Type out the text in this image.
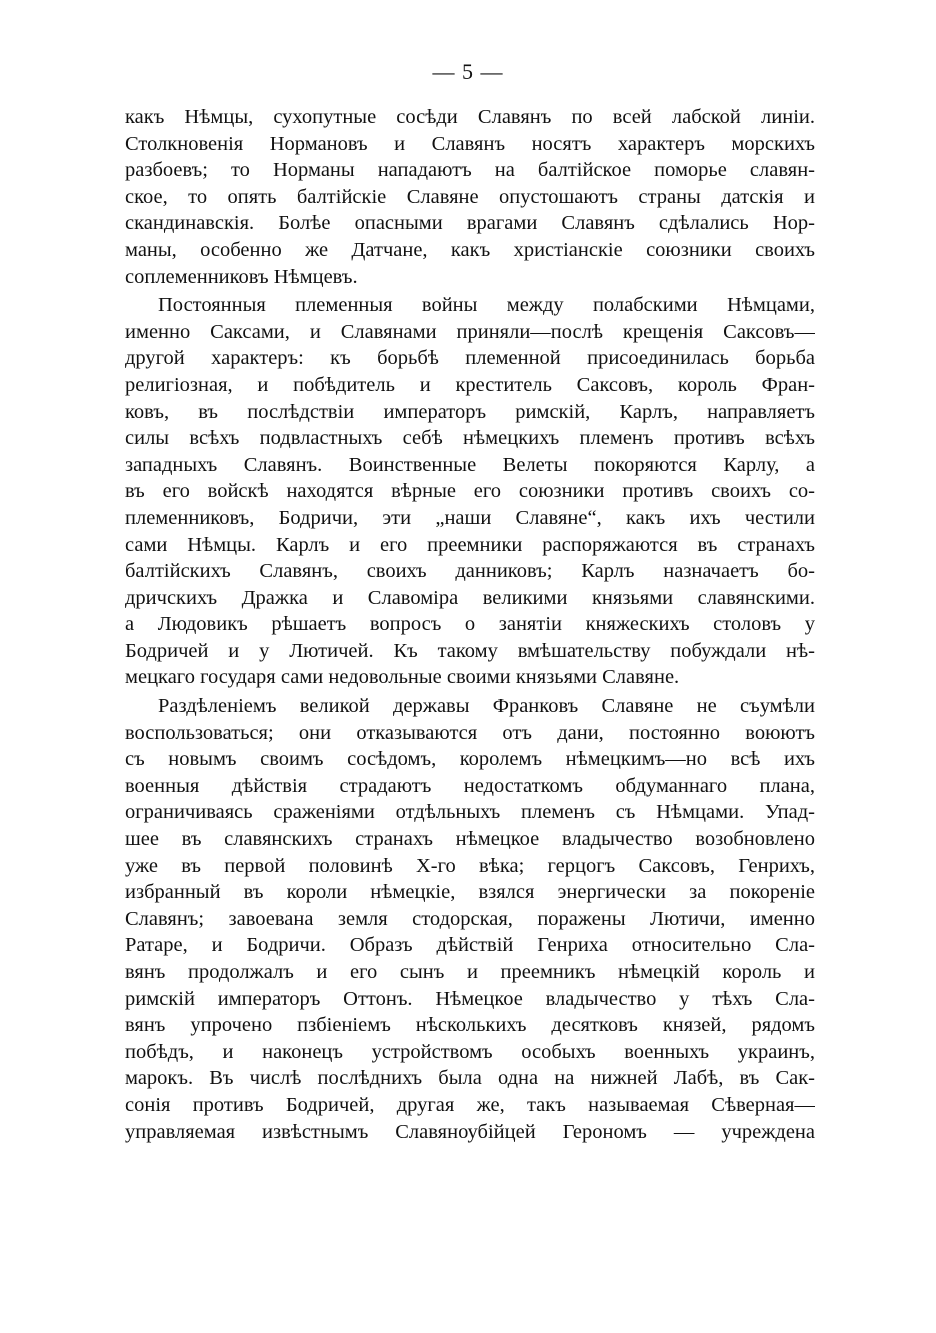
— 5 —

какъ Нѣмцы, сухопутные сосѣди Славянъ по всей лабской линіи.
Столкновенія Нормановъ и Славянъ носятъ характеръ морскихъ
разбоевъ; то Норманы нападаютъ на балтійское поморье славян-
ское, то опять балтійскіе Славяне опустошаютъ страны датскія и
скандинавскія. Болѣе опасными врагами Славянъ сдѣлались Нор-
маны, особенно же Датчане, какъ христіанскіе союзники своихъ
соплеменниковъ Нѣмцевъ.

Постоянныя племенныя войны между полабскими Нѣмцами,
именно Саксами, и Славянами приняли—послѣ крещенія Саксовъ—
другой характеръ: къ борьбѣ племенной присоединилась борьба
религіозная, и побѣдитель и креститель Саксовъ, король Фран-
ковъ, въ послѣдствіи императоръ римскій, Карлъ, направляетъ
силы всѣхъ подвластныхъ себѣ нѣмецкихъ племенъ противъ всѣхъ
западныхъ Славянъ. Воинственные Велеты покоряются Карлу, а
въ его войскѣ находятся вѣрные его союзники противъ своихъ со-
племенниковъ, Бодричи, эти „наши Славяне“, какъ ихъ честили
сами Нѣмцы. Карлъ и его преемники распоряжаются въ странахъ
балтійскихъ Славянъ, своихъ данниковъ; Карлъ назначаетъ бо-
дричскихъ Дражка и Славоміра великими князьями славянскими.
а Людовикъ рѣшаетъ вопросъ о занятіи княжескихъ столовъ у
Бодричей и у Лютичей. Къ такому вмѣшательству побуждали нѣ-
мецкаго государя сами недовольные своими князьями Славяне.

Раздѣленіемъ великой державы Франковъ Славяне не съумѣли
воспользоваться; они отказываются отъ дани, постоянно воюютъ
съ новымъ своимъ сосѣдомъ, королемъ нѣмецкимъ—но всѣ ихъ
военныя дѣйствія страдаютъ недостаткомъ обдуманнаго плана,
ограничиваясь сраженіями отдѣльныхъ племенъ съ Нѣмцами. Упад-
шее въ славянскихъ странахъ нѣмецкое владычество возобновлено
уже въ первой половинѣ X-го вѣка; герцогъ Саксовъ, Генрихъ,
избранный въ короли нѣмецкіе, взялся энергически за покореніе
Славянъ; завоевана земля стодорская, поражены Лютичи, именно
Ратаре, и Бодричи. Образъ дѣйствій Генриха относительно Сла-
вянъ продолжалъ и его сынъ и преемникъ нѣмецкій король и
римскій императоръ Оттонъ. Нѣмецкое владычество у тѣхъ Сла-
вянъ упрочено пзбіеніемъ нѣсколькихъ десятковъ князей, рядомъ
побѣдъ, и наконецъ устройствомъ особыхъ военныхъ украинъ,
марокъ. Въ числѣ послѣднихъ была одна на нижней Лабѣ, въ Сак-
сонія противъ Бодричей, другая же, такъ называемая Сѣверная—
управляемая извѣстнымъ Славяноубійцей Герономъ — учреждена
